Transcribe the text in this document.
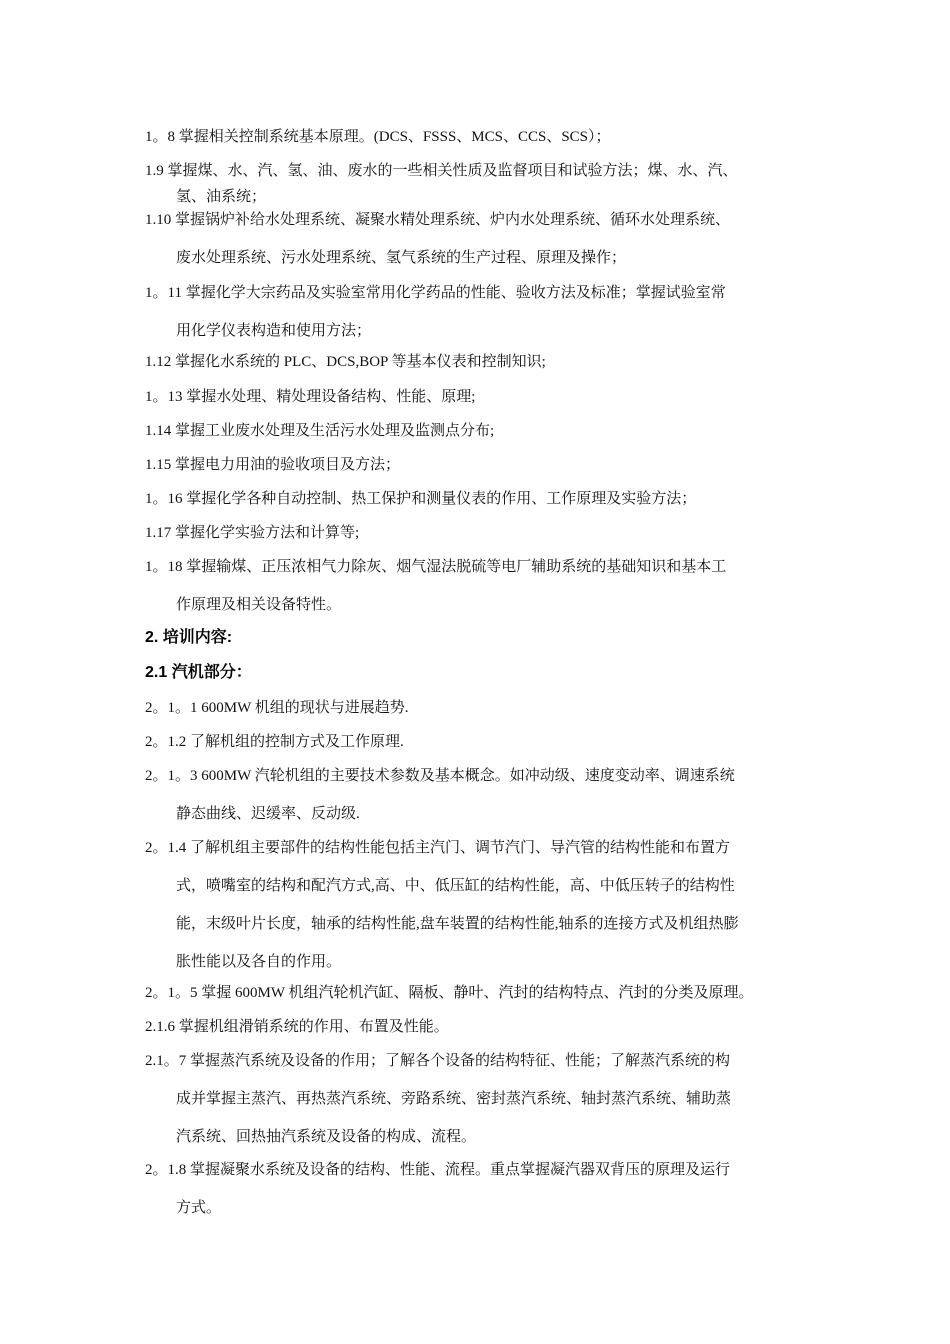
1。8 掌握相关控制系统基本原理。(DCS、FSSS、MCS、CCS、SCS）；
1.9 掌握煤、水、汽、氢、油、废水的一些相关性质及监督项目和试验方法；煤、水、汽、
氢、油系统；
1.10 掌握锅炉补给水处理系统、凝聚水精处理系统、炉内水处理系统、循环水处理系统、
废水处理系统、污水处理系统、氢气系统的生产过程、原理及操作；
1。11 掌握化学大宗药品及实验室常用化学药品的性能、验收方法及标准；掌握试验室常
用化学仪表构造和使用方法；
1.12 掌握化水系统的 PLC、DCS,BOP 等基本仪表和控制知识;
1。13 掌握水处理、精处理设备结构、性能、原理;
1.14 掌握工业废水处理及生活污水处理及监测点分布;
1.15 掌握电力用油的验收项目及方法；
1。16 掌握化学各种自动控制、热工保护和测量仪表的作用、工作原理及实验方法；
1.17 掌握化学实验方法和计算等;
1。18 掌握输煤、正压浓相气力除灰、烟气湿法脱硫等电厂辅助系统的基础知识和基本工
作原理及相关设备特性。
2. 培训内容:
2.1 汽机部分：
2。1。1 600MW 机组的现状与进展趋势.
2。1.2 了解机组的控制方式及工作原理.
2。1。3 600MW 汽轮机组的主要技术参数及基本概念。如冲动级、速度变动率、调速系统
静态曲线、迟缓率、反动级.
2。1.4 了解机组主要部件的结构性能包括主汽门、调节汽门、导汽管的结构性能和布置方
式，喷嘴室的结构和配汽方式,高、中、低压缸的结构性能，高、中低压转子的结构性
能，末级叶片长度，轴承的结构性能,盘车装置的结构性能,轴系的连接方式及机组热膨
胀性能以及各自的作用。
2。1。5 掌握 600MW 机组汽轮机汽缸、隔板、静叶、汽封的结构特点、汽封的分类及原理。
2.1.6 掌握机组滑销系统的作用、布置及性能。
2.1。7 掌握蒸汽系统及设备的作用；了解各个设备的结构特征、性能；了解蒸汽系统的构
成并掌握主蒸汽、再热蒸汽系统、旁路系统、密封蒸汽系统、轴封蒸汽系统、辅助蒸
汽系统、回热抽汽系统及设备的构成、流程。
2。1.8 掌握凝聚水系统及设备的结构、性能、流程。重点掌握凝汽器双背压的原理及运行
方式。
